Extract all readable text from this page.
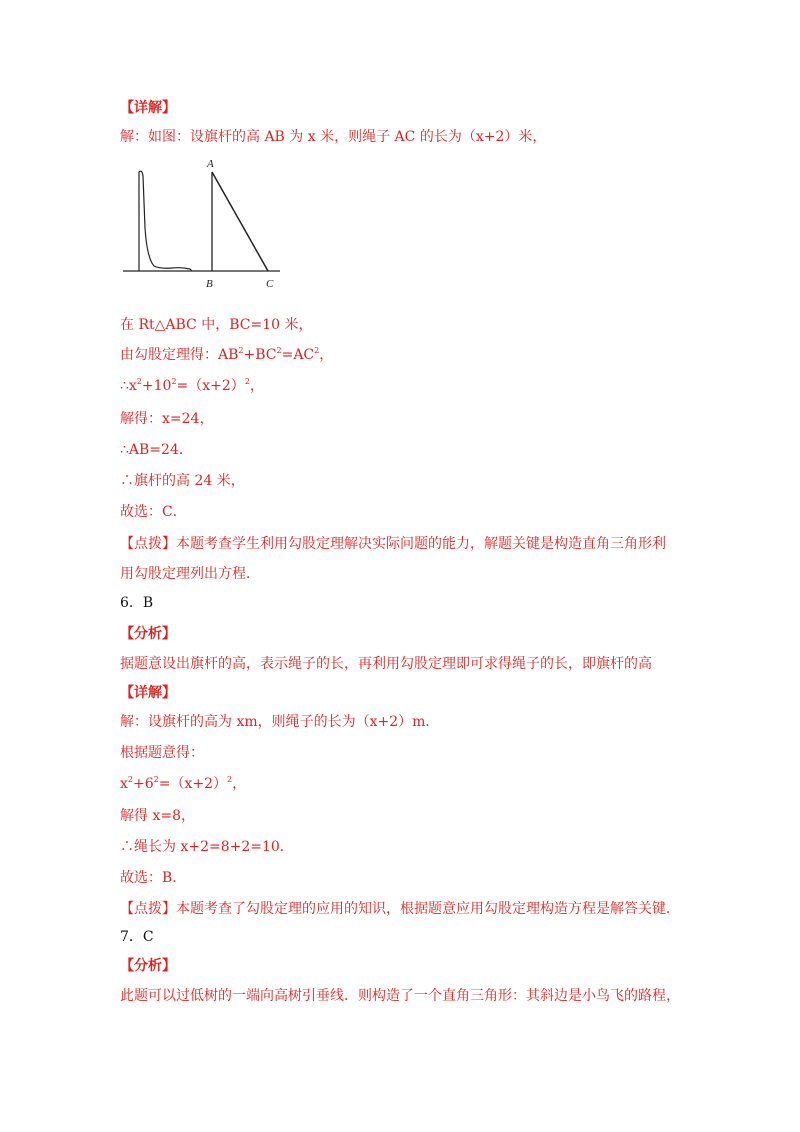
【详解】
解：如图：设旗杆的高 AB 为 x 米，则绳子 AC 的长为（x+2）米，
A
B	C
在 Rt△ABC 中，BC=10 米，
由勾股定理得：$AB^2+BC^2=AC^2$，
$\therefore x^2+10^2=(x+2)^2$，
解得：x=24，
∴AB=24．
∴旗杆的高 24 米，
故选：C．
【点拨】本题考查学生利用勾股定理解决实际问题的能力，解题关键是构造直角三角形利
用勾股定理列出方程．
6．B
【分析】
据题意设出旗杆的高，表示绳子的长，再利用勾股定理即可求得绳子的长，即旗杆的高
【详解】
解：设旗杆的高为 xm，则绳子的长为（x+2）m．
根据题意得：
$x^2+6^2=(x+2)^2$，
解得 x=8，
∴绳长为 x+2=8+2=10．
故选：B．
【点拨】本题考查了勾股定理的应用的知识，根据题意应用勾股定理构造方程是解答关键．
7．C
【分析】
此题可以过低树的一端向高树引垂线．则构造了一个直角三角形：其斜边是小鸟飞的路程，
